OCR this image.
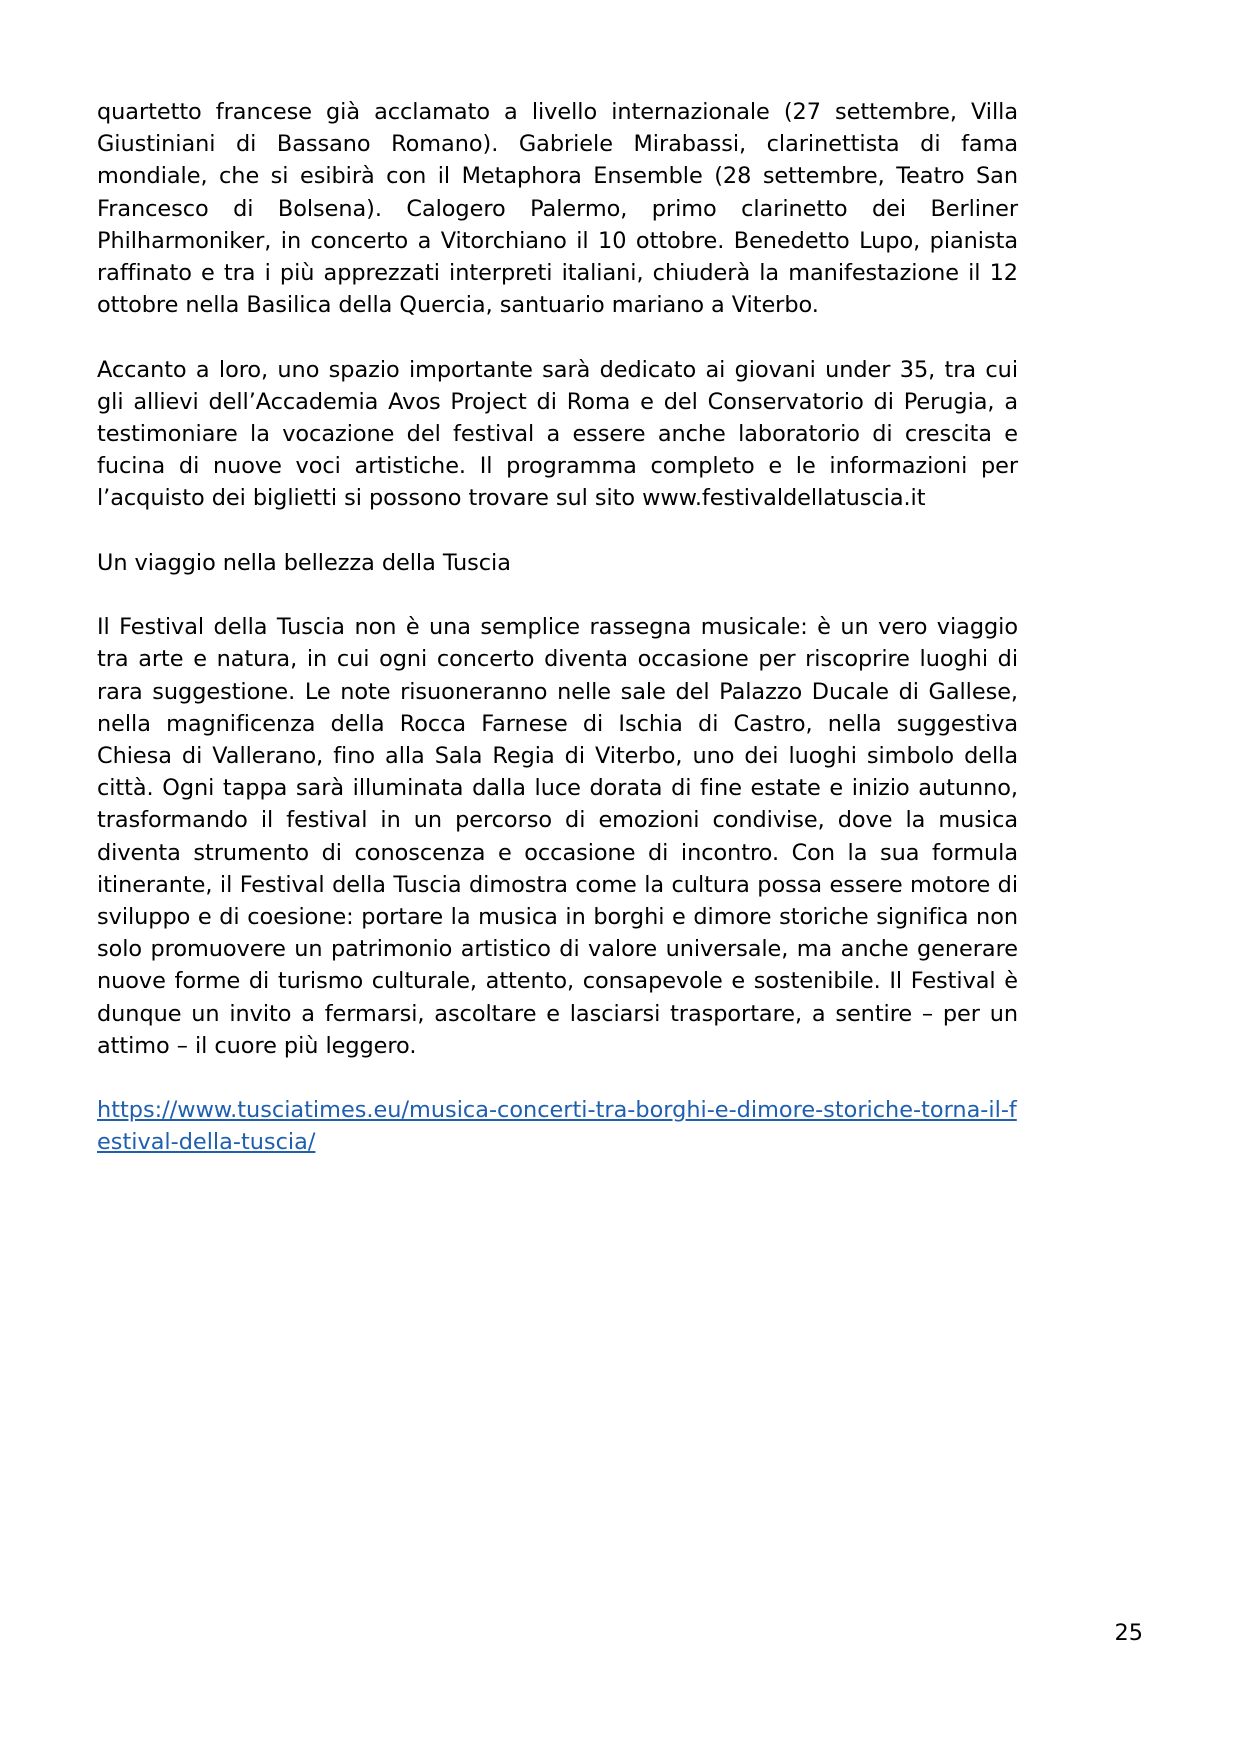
quartetto francese già acclamato a livello internazionale (27 settembre, Villa Giustiniani di Bassano Romano). Gabriele Mirabassi, clarinettista di fama mondiale, che si esibirà con il Metaphora Ensemble (28 settembre, Teatro San Francesco di Bolsena). Calogero Palermo, primo clarinetto dei Berliner Philharmoniker, in concerto a Vitorchiano il 10 ottobre. Benedetto Lupo, pianista raffinato e tra i più apprezzati interpreti italiani, chiuderà la manifestazione il 12 ottobre nella Basilica della Quercia, santuario mariano a Viterbo.

Accanto a loro, uno spazio importante sarà dedicato ai giovani under 35, tra cui gli allievi dell’Accademia Avos Project di Roma e del Conservatorio di Perugia, a testimoniare la vocazione del festival a essere anche laboratorio di crescita e fucina di nuove voci artistiche. Il programma completo e le informazioni per l’acquisto dei biglietti si possono trovare sul sito www.festivaldellatuscia.it

Un viaggio nella bellezza della Tuscia

Il Festival della Tuscia non è una semplice rassegna musicale: è un vero viaggio tra arte e natura, in cui ogni concerto diventa occasione per riscoprire luoghi di rara suggestione. Le note risuoneranno nelle sale del Palazzo Ducale di Gallese, nella magnificenza della Rocca Farnese di Ischia di Castro, nella suggestiva Chiesa di Vallerano, fino alla Sala Regia di Viterbo, uno dei luoghi simbolo della città. Ogni tappa sarà illuminata dalla luce dorata di fine estate e inizio autunno, trasformando il festival in un percorso di emozioni condivise, dove la musica diventa strumento di conoscenza e occasione di incontro. Con la sua formula itinerante, il Festival della Tuscia dimostra come la cultura possa essere motore di sviluppo e di coesione: portare la musica in borghi e dimore storiche significa non solo promuovere un patrimonio artistico di valore universale, ma anche generare nuove forme di turismo culturale, attento, consapevole e sostenibile. Il Festival è dunque un invito a fermarsi, ascoltare e lasciarsi trasportare, a sentire – per un attimo – il cuore più leggero.

https://www.tusciatimes.eu/musica-concerti-tra-borghi-e-dimore-storiche-torna-il-festival-della-tuscia/

25
